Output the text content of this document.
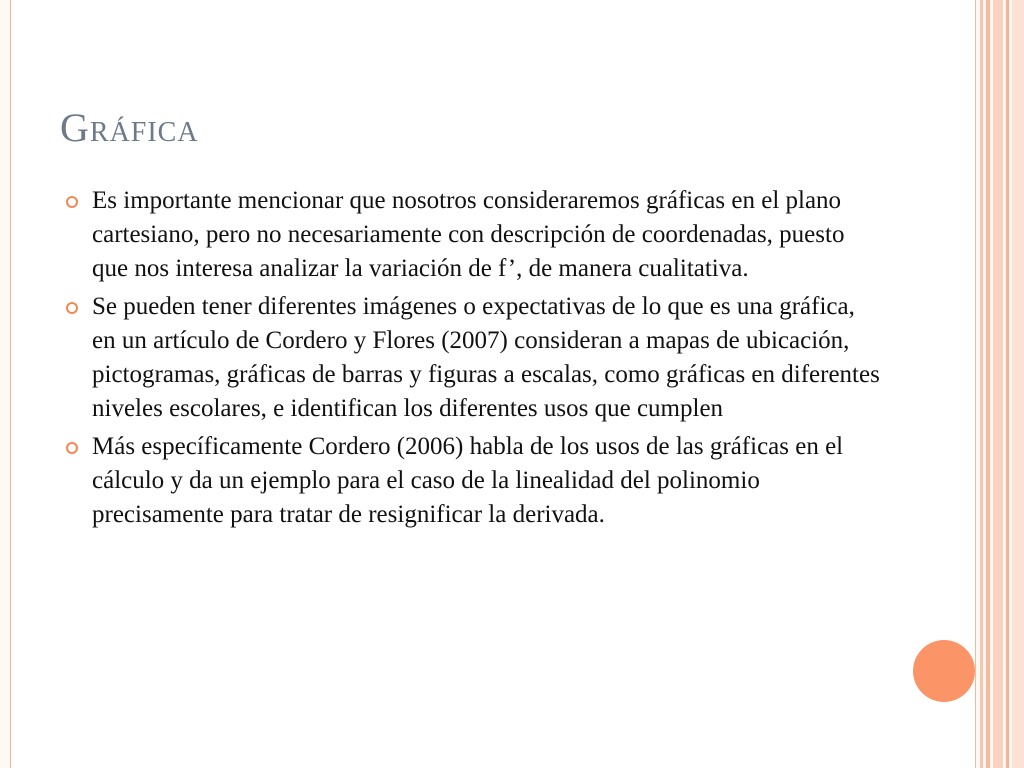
Gráfica
Es importante mencionar que nosotros consideraremos gráficas en el plano cartesiano, pero no necesariamente con descripción de coordenadas, puesto que nos interesa analizar la variación de f’, de manera cualitativa.
Se pueden tener diferentes imágenes o expectativas de lo que es una gráfica, en un artículo de Cordero y Flores (2007) consideran a mapas de ubicación, pictogramas, gráficas de barras y figuras a escalas, como gráficas en diferentes niveles escolares, e identifican los diferentes usos que cumplen
Más específicamente Cordero (2006) habla de los usos de las gráficas en el cálculo y da un ejemplo para el caso de la linealidad del polinomio precisamente para tratar de resignificar la derivada.
